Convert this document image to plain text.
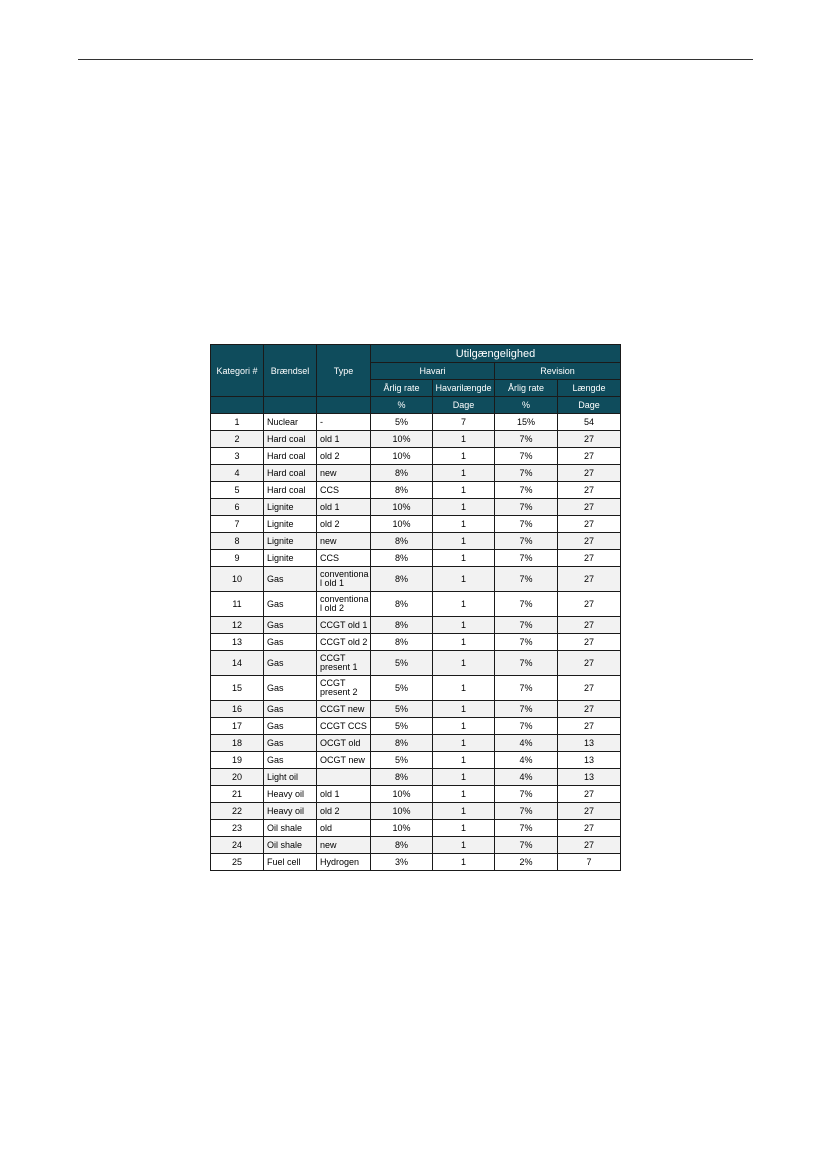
Kategori #	Brændsel	Type	Utilgængelighed			
			Havari		Revision	
			Årlig rate	Havarilængde	Årlig rate	Længde
			%	Dage	%	Dage
1	Nuclear	-	5%	7	15%	54
2	Hard coal	old 1	10%	1	7%	27
3	Hard coal	old 2	10%	1	7%	27
4	Hard coal	new	8%	1	7%	27
5	Hard coal	CCS	8%	1	7%	27
6	Lignite	old 1	10%	1	7%	27
7	Lignite	old 2	10%	1	7%	27
8	Lignite	new	8%	1	7%	27
9	Lignite	CCS	8%	1	7%	27
10	Gas	conventiona l old 1	8%	1	7%	27
11	Gas	conventiona l old 2	8%	1	7%	27
12	Gas	CCGT old 1	8%	1	7%	27
13	Gas	CCGT old 2	8%	1	7%	27
14	Gas	CCGT present 1	5%	1	7%	27
15	Gas	CCGT present 2	5%	1	7%	27
16	Gas	CCGT new	5%	1	7%	27
17	Gas	CCGT CCS	5%	1	7%	27
18	Gas	OCGT old	8%	1	4%	13
19	Gas	OCGT new	5%	1	4%	13
20	Light oil		8%	1	4%	13
21	Heavy oil	old 1	10%	1	7%	27
22	Heavy oil	old 2	10%	1	7%	27
23	Oil shale	old	10%	1	7%	27
24	Oil shale	new	8%	1	7%	27
25	Fuel cell	Hydrogen	3%	1	2%	7
